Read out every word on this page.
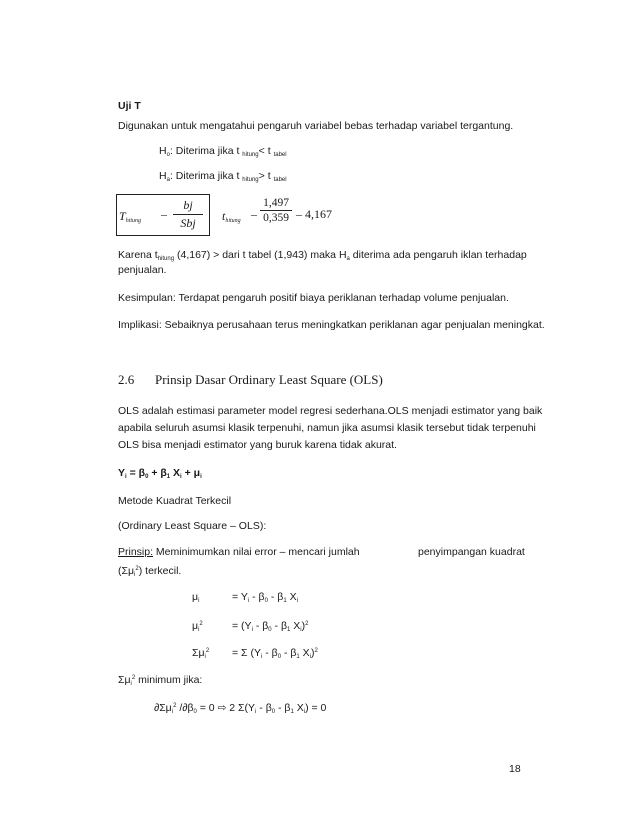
Uji T
Digunakan untuk mengatahui pengaruh variabel bebas terhadap variabel tergantung.
$H_o$: Diterima jika t $_{hitung}$< t $_{tabel}$
$H_a$: Diterima jika t $_{hitung}$> t $_{tabel}$
$T_{hitung}$ –
bj
Sbj	$t_{hitung}$ –
1,497
0,359 – 4,167
Karena $t_{hitung}$ (4,167) > dari t tabel (1,943) maka $H_a$ diterima ada pengaruh iklan terhadap
penjualan.
Kesimpulan: Terdapat pengaruh positif biaya periklanan terhadap volume penjualan.
Implikasi: Sebaiknya perusahaan terus meningkatkan periklanan agar penjualan meningkat.
2.6 Prinsip Dasar Ordinary Least Square (OLS)
OLS adalah estimasi parameter model regresi sederhana.OLS menjadi estimator yang baik
apabila seluruh asumsi klasik terpenuhi, namun jika asumsi klasik tersebut tidak terpenuhi
OLS bisa menjadi estimator yang buruk karena tidak akurat.
$Y_i = \beta_0 + \beta_1$ $X_i + \mu_i$
Metode Kuadrat Terkecil
(Ordinary Least Square – OLS):
Prinsip: Meminimumkan nilai error – mencari jumlah	penyimpangan kuadrat
$(\Sigma\mu_i^2)$ terkecil.
$\mu_i$	= $Y_i - \beta_0 - \beta_1$ $X_i$
$\mu_i^2$	= ($Y_i - \beta_0 - \beta_1$ $X_i)^2$
$\Sigma\mu_i^2 = \Sigma$ ($Y_i - \beta_0 - \beta_1$ $X_i)^2$
$\Sigma\mu_i^2$ minimum jika:
$\partial\Sigma\mu_i^2$ $/\partial\beta_0 = 0$ ⇨ 2 $\Sigma(Y_i - \beta_0 - \beta_1$ $X_i) = 0$
18
